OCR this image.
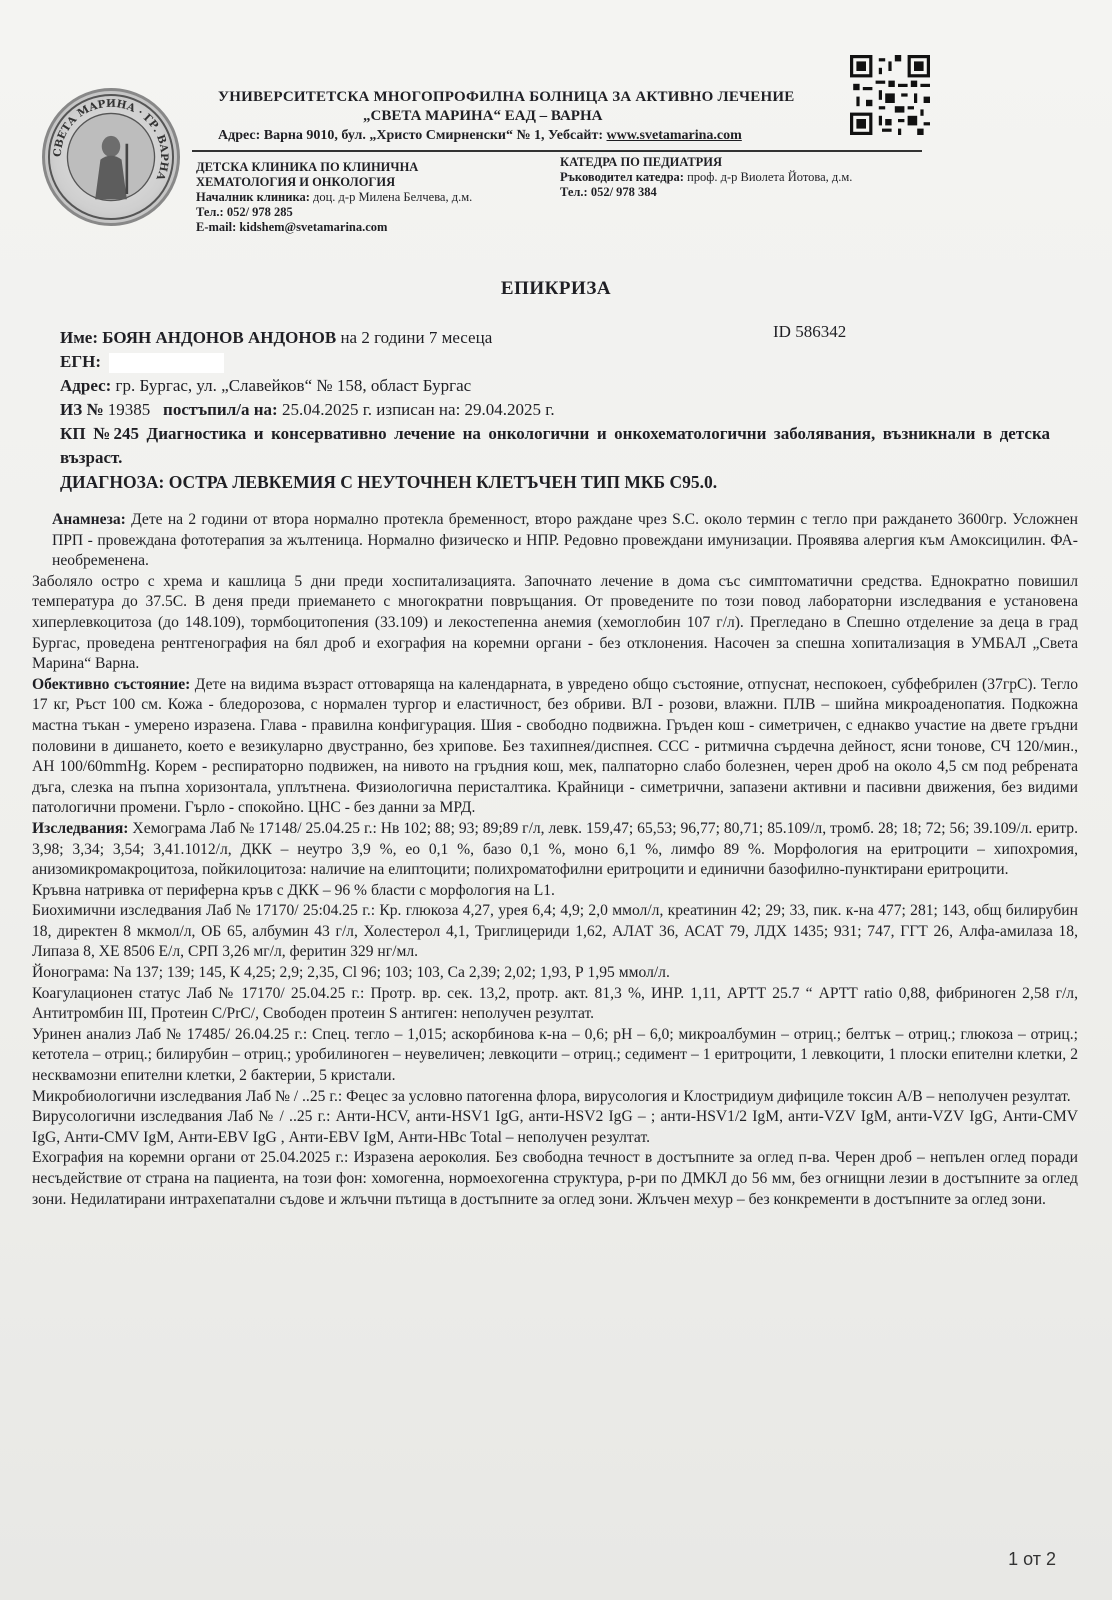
СВЕТА МАРИНА · ГР. ВАРНА
УНИВЕРСИТЕТСКА МНОГОПРОФИЛНА БОЛНИЦА ЗА АКТИВНО ЛЕЧЕНИЕ
„СВЕТА МАРИНА“ ЕАД – ВАРНА
Адрес: Варна 9010, бул. „Христо Смирненски“ № 1, Уебсайт: www.svetamarina.com
ДЕТСКА КЛИНИКА ПО КЛИНИЧНА
ХЕМАТОЛОГИЯ И ОНКОЛОГИЯ
Началник клиника: доц. д-р Милена Белчева, д.м.
Тел.: 052/ 978 285
E-mail: kidshem@svetamarina.com
КАТЕДРА ПО ПЕДИАТРИЯ
Ръководител катедра: проф. д-р Виолета Йотова, д.м.
Тел.: 052/ 978 384
ЕПИКРИЗА
ID 586342
Име: БОЯН АНДОНОВ АНДОНОВ на 2 години 7 месеца
ЕГН:
Адрес: гр. Бургас, ул. „Славейков“ № 158, област Бургас
ИЗ № 19385   постъпил/а на: 25.04.2025 г. изписан на: 29.04.2025 г.
КП №245 Диагностика и консервативно лечение на онкологични и онкохематологични заболявания, възникнали в детска възраст.
ДИАГНОЗА: ОСТРА ЛЕВКЕМИЯ С НЕУТОЧНЕН КЛЕТЪЧЕН ТИП МКБ С95.0.

Анамнеза: Дете на 2 години от втора нормално протекла бременност, второ раждане чрез S.C. около термин с тегло при раждането 3600гр. Усложнен ПРП - провеждана фототерапия за жълтеница. Нормално физическо и НПР. Редовно провеждани имунизации. Проявява алергия към Амоксицилин. ФА- необременена.

Заболяло остро с хрема и кашлица 5 дни преди хоспитализацията. Започнато лечение в дома със симптоматични средства. Еднократно повишил температура до 37.5С. В деня преди приемането с многократни повръщания. От проведените по този повод лабораторни изследвания е установена хиперлевкоцитоза (до 148.109), тормбоцитопения (33.109) и лекостепенна анемия (хемоглобин 107 г/л). Прегледано в Спешно отделение за деца в град Бургас, проведена рентгенография на бял дроб и ехография на коремни органи - без отклонения. Насочен за спешна хопитализация в УМБАЛ „Света Марина“ Варна.

Обективно състояние: Дете на видима възраст оттоваряща на календарната, в увредено общо състояние, отпуснат, неспокоен, субфебрилен (37грС). Тегло 17 кг, Ръст 100 см. Кожа - бледорозова, с нормален тургор и еластичност, без обриви. ВЛ - розови, влажни. ПЛВ – шийна микроаденопатия. Подкожна мастна тъкан - умерено изразена. Глава - правилна конфигурация. Шия - свободно подвижна. Гръден кош - симетричен, с еднакво участие на двете гръдни половини в дишането, което е везикуларно двустранно, без хрипове. Без тахипнея/диспнея. ССС - ритмична сърдечна дейност, ясни тонове, СЧ 120/мин., АН 100/60mmHg. Корем - респираторно подвижен, на нивото на гръдния кош, мек, палпаторно слабо болезнен, черен дроб на около 4,5 см под ребрената дъга, слезка на пъпна хоризонтала, уплътнена. Физиологична перисталтика. Крайници - симетрични, запазени активни и пасивни движения, без видими патологични промени. Гърло - спокойно. ЦНС - без данни за МРД.

Изследвания: Хемограма Лаб № 17148/ 25.04.25 г.: Нв 102; 88; 93; 89;89 г/л, левк. 159,47; 65,53; 96,77; 80,71; 85.109/л, тромб. 28; 18; 72; 56; 39.109/л. еритр. 3,98; 3,34; 3,54; 3,41.1012/л, ДКК – неутро 3,9 %, ео 0,1 %, базо 0,1 %, моно 6,1 %, лимфо 89 %. Морфология на еритроцити – хипохромия, анизомикромакроцитоза, пойкилоцитоза: наличие на елиптоцити; полихроматофилни еритроцити и единични базофилно-пунктирани еритроцити.

Кръвна натривка от периферна кръв с ДКК – 96 % бласти с морфология на L1.

Биохимични изследвания Лаб № 17170/ 25:04.25 г.: Кр. глюкоза 4,27, урея 6,4; 4,9; 2,0 ммол/л, креатинин 42; 29; 33, пик. к-на 477; 281; 143, общ билирубин 18, директен 8 мкмол/л, ОБ 65, албумин 43 г/л, Холестерол 4,1, Триглицериди 1,62, АЛАТ 36, АСАТ 79, ЛДХ 1435; 931; 747, ГГТ 26, Алфа-амилаза 18, Липаза 8, ХЕ 8506 Е/л, СРП 3,26 мг/л, феритин 329 нг/мл.

Йонограма: Na 137; 139; 145, К 4,25; 2,9; 2,35, Cl 96; 103; 103, Са 2,39; 2,02; 1,93, Р 1,95 ммол/л.

Коагулационен статус Лаб № 17170/ 25.04.25 г.: Протр. вр. сек. 13,2, протр. акт. 81,3 %, ИНР. 1,11, АРТТ 25.7 “ АРТТ ratio 0,88, фибриноген 2,58 г/л, Антитромбин III, Протеин С/PrC/, Свободен протеин S антиген: неполучен резултат.

Уринен анализ Лаб № 17485/ 26.04.25 г.: Спец. тегло – 1,015; аскорбинова к-на – 0,6; рН – 6,0; микроалбумин – отриц.; белтък – отриц.; глюкоза – отриц.; кетотела – отриц.; билирубин – отриц.; уробилиноген – неувеличен; левкоцити – отриц.; седимент – 1 еритроцити, 1 левкоцити, 1 плоски епителни клетки, 2 несквамозни епителни клетки, 2 бактерии, 5 кристали.

Микробиологични изследвания Лаб № / ..25 г.: Фецес за условно патогенна флора, вирусология и Клостридиум дифициле токсин А/В – неполучен резултат.

Вирусологични изследвания Лаб № / ..25 г.: Анти-HCV, анти-HSV1 IgG, анти-HSV2 IgG – ; анти-HSV1/2 IgM, анти-VZV IgM, анти-VZV IgG, Анти-CMV IgG, Анти-CMV IgM, Анти-EBV IgG , Анти-EBV IgM, Анти-HBc Total – неполучен резултат.

Ехография на коремни органи от 25.04.2025 г.: Изразена аероколия. Без свободна течност в достъпните за оглед п-ва. Черен дроб – непълен оглед поради несъдействие от страна на пациента, на този фон: хомогенна, нормоехогенна структура, р-ри по ДМКЛ до 56 мм, без огнищни лезии в достъпните за оглед зони. Недилатирани интрахепатални съдове и жлъчни пътища в достъпните за оглед зони. Жлъчен мехур – без конкременти в достъпните за оглед зони.

1 от 2
